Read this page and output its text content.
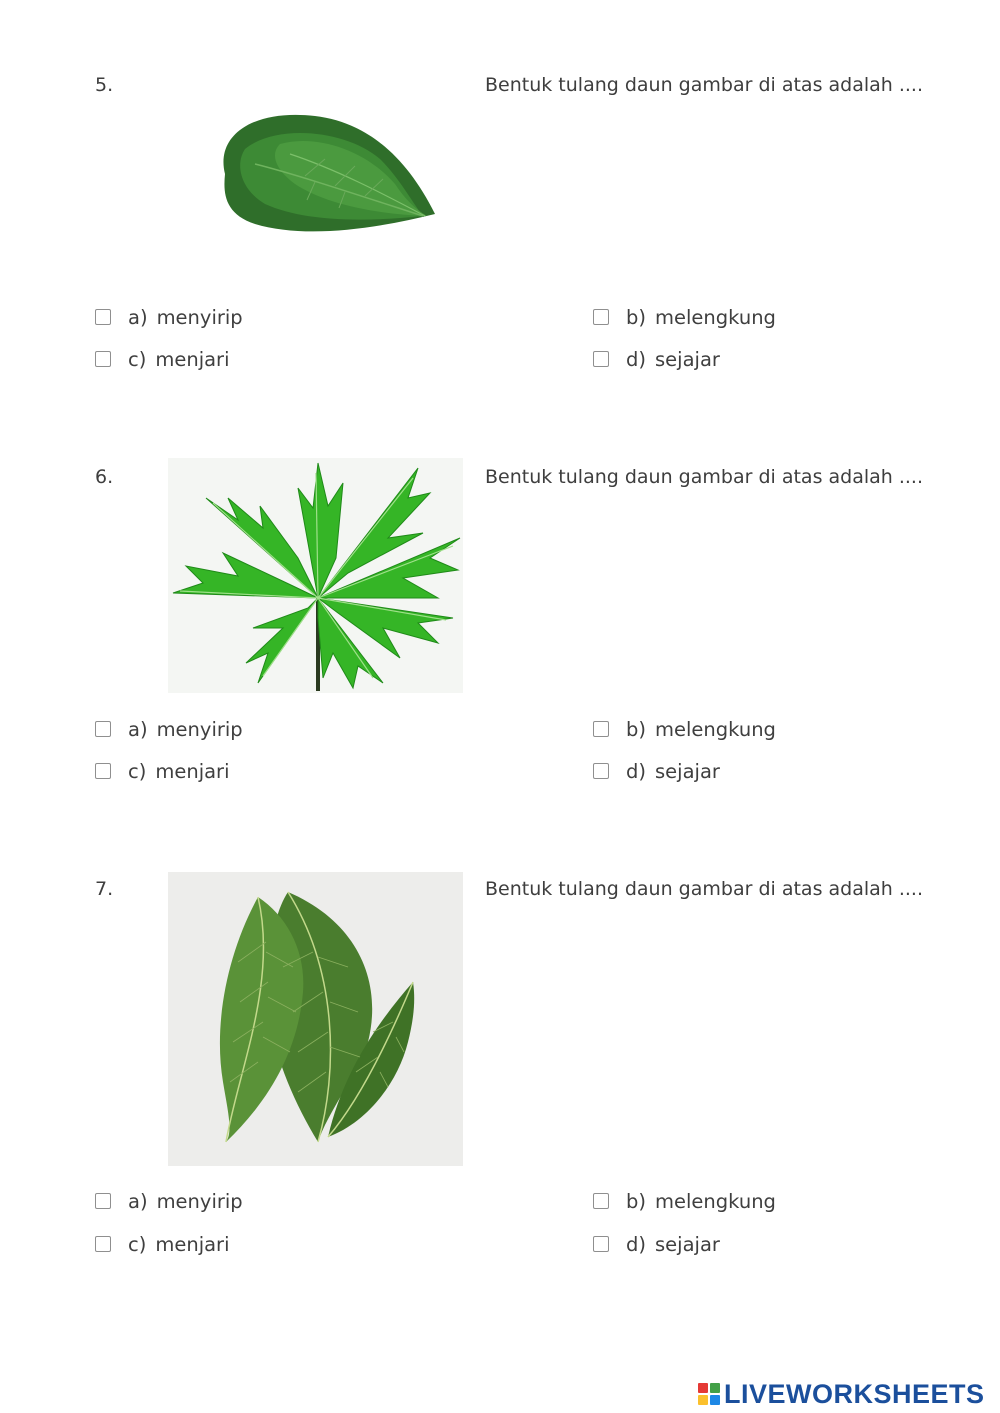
5.	Bentuk tulang daun gambar di atas adalah ....
a) menyirip	b) melengkung
c) menjari	d) sejajar
6.	Bentuk tulang daun gambar di atas adalah ....
a) menyirip	b) melengkung
c) menjari	d) sejajar
7.	Bentuk tulang daun gambar di atas adalah ....
a) menyirip	b) melengkung
c) menjari	d) sejajar
LIVEWORKSHEETS
